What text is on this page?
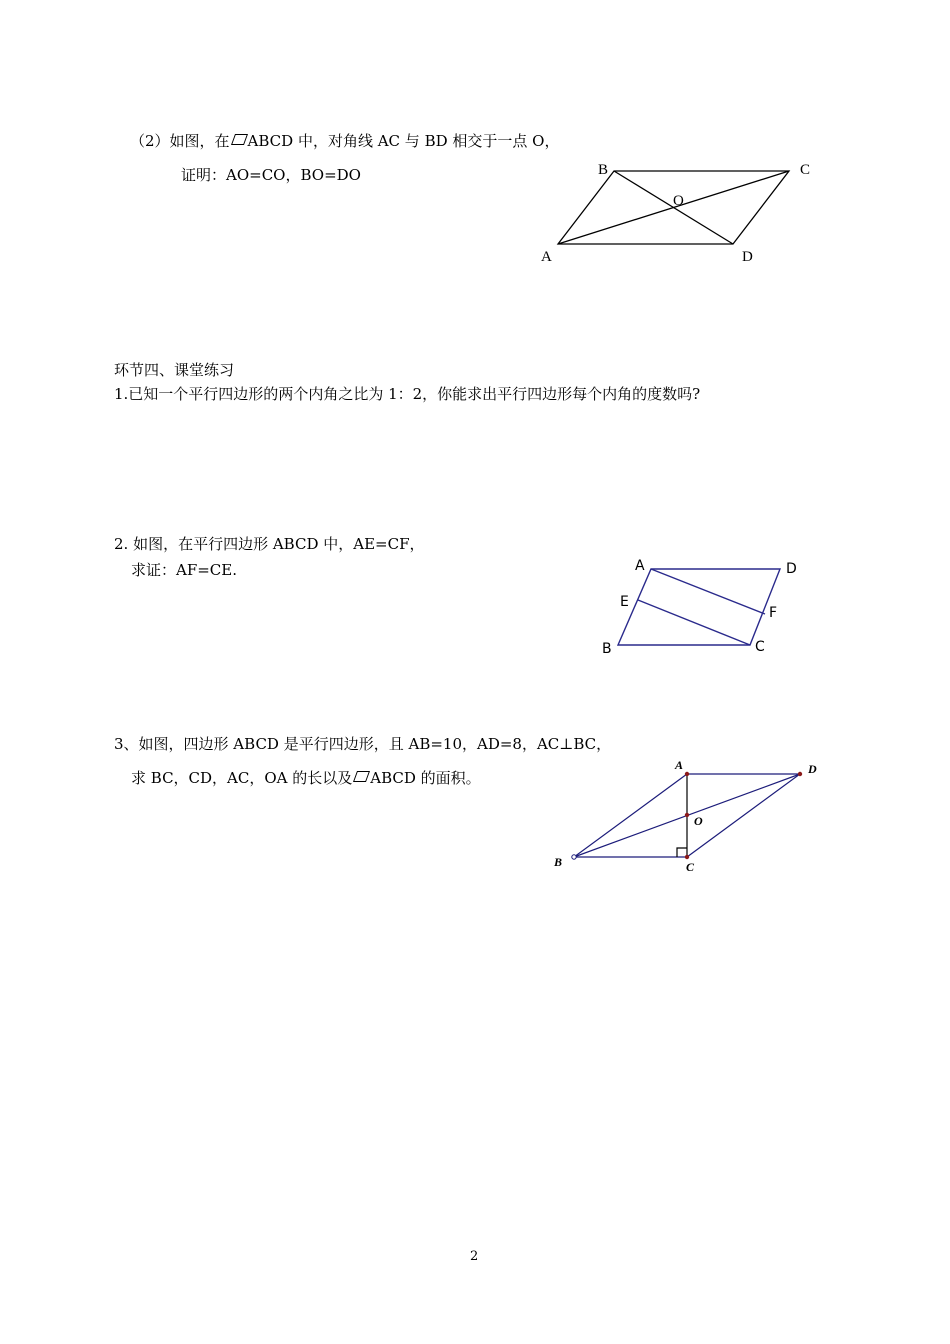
（2）如图，在 ABCD 中，对角线 AC 与 BD 相交于一点 O，
证明：AO=CO，BO=DO	B	C
O
A	D
环节四、课堂练习
1.已知一个平行四边形的两个内角之比为 1：2，你能求出平行四边形每个内角的度数吗?
2. 如图，在平行四边形 ABCD 中，AE=CF，
求证：AF=CE.	A	D
E
F
B	C
3、如图，四边形 ABCD 是平行四边形，且 AB=10，AD=8，AC⊥BC，
求 BC，CD，AC，OA 的长以及 ABCD 的面积。
A	D
O
B	C
2
